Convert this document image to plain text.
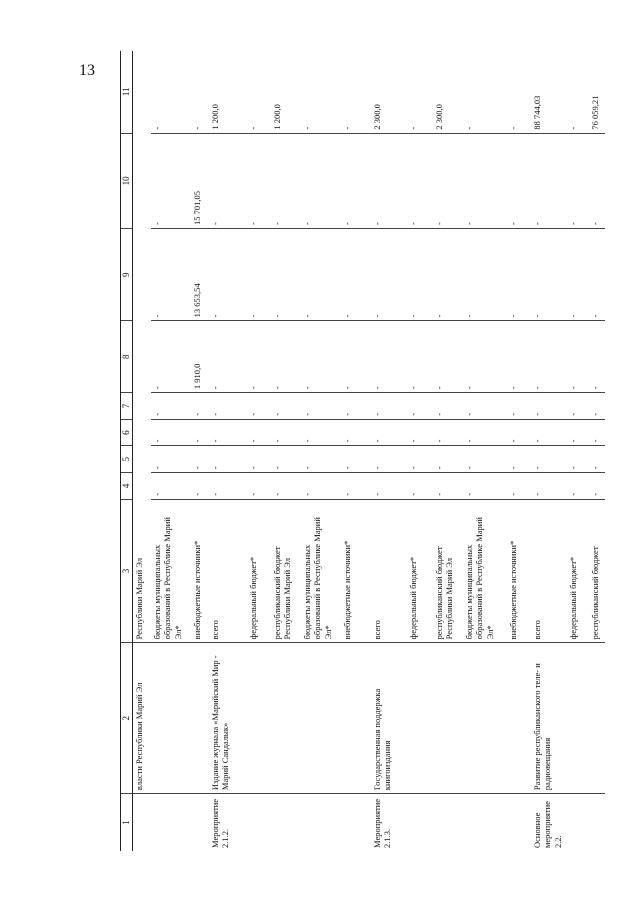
13
1	2	3	4	5	6	7	8	9	10	11
	власти Республики Марий Эл	Республики Марий Эл								
		бюджеты муниципальных образований в Республике Марий Эл*	-	-	-	-	-	-	-	-
		внебюджетные источники*	-	-	-	-	1 910,0	13 653,54	15 701,05	-
Мероприятие 2.1.2.	Издание журнала «Марийский Мир - Марий Сандалык»	всего	-	-	-	-	-	-	-	1 200,0
		федеральный бюджет*	-	-	-	-	-	-	-	-
		республиканский бюджет Республики Марий Эл	-	-	-	-	-	-	-	1 200,0
		бюджеты муниципальных образований в Республике Марий Эл*	-	-	-	-	-	-	-	-
		внебюджетные источники*	-	-	-	-	-	-	-	-
Мероприятие 2.1.3.	Государственная поддержка книгоиздания	всего	-	-	-	-	-	-	-	2 300,0
		федеральный бюджет*	-	-	-	-	-	-	-	-
		республиканский бюджет Республики Марий Эл	-	-	-	-	-	-	-	2 300,0
		бюджеты муниципальных образований в Республике Марий Эл*	-	-	-	-	-	-	-	-
		внебюджетные источники*	-	-	-	-	-	-	-	-
Основное мероприятие 2.2.	Развитие республиканского теле- и радиовещания	всего	-	-	-	-	-	-	-	88 744,03
		федеральный бюджет*	-	-	-	-	-	-	-	-
		республиканский бюджет	-	-	-	-	-	-	-	76 059,21
